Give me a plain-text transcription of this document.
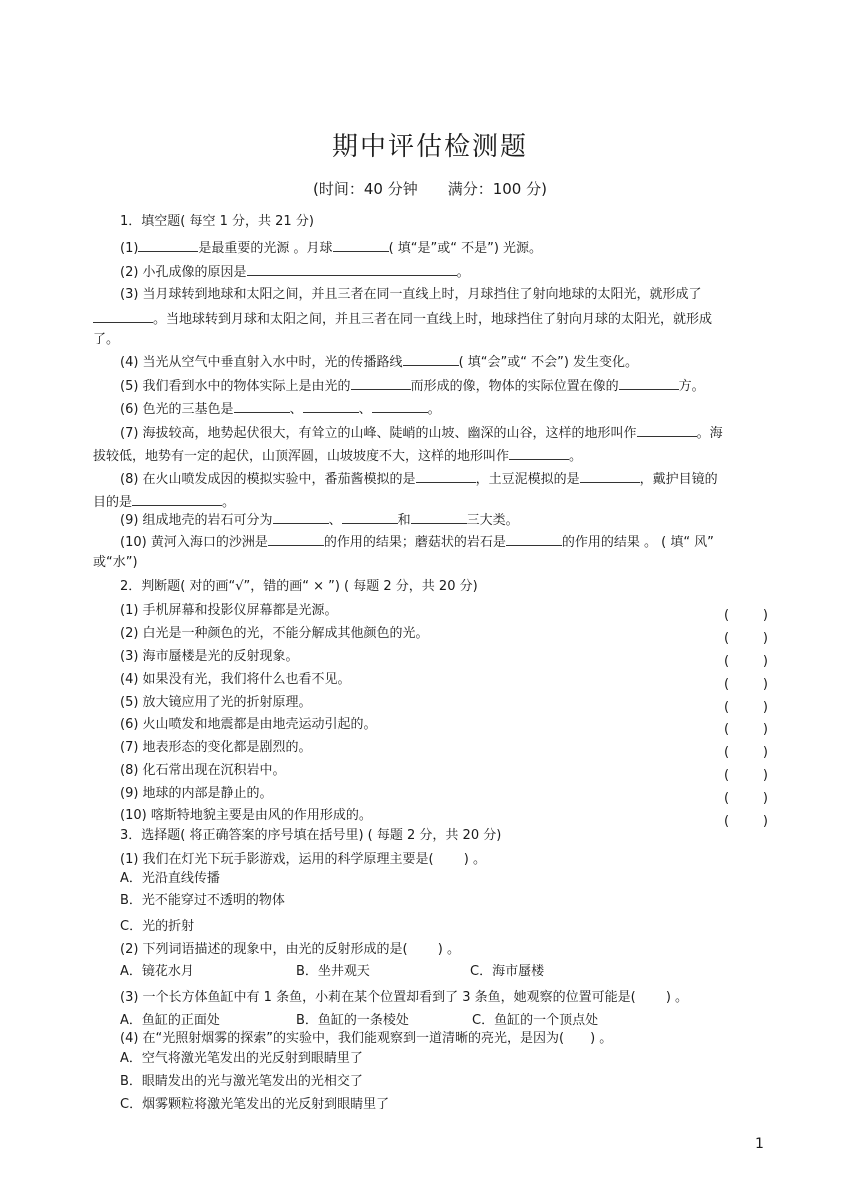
期中评估检测题
(时间：40 分钟　　满分：100 分)
1．填空题( 每空 1 分，共 21 分)
(1)	是最重要的光源 。月球	( 填“是”或“ 不是”) 光源。
(2) 小孔成像的原因是	。
(3) 当月球转到地球和太阳之间，并且三者在同一直线上时，月球挡住了射向地球的太阳光，就形成了
。当地球转到月球和太阳之间，并且三者在同一直线上时，地球挡住了射向月球的太阳光，就形成
了。
(4) 当光从空气中垂直射入水中时，光的传播路线	( 填“会”或“ 不会”) 发生变化。
(5) 我们看到水中的物体实际上是由光的	而形成的像，物体的实际位置在像的	方。
(6) 色光的三基色是	、	、	。
(7) 海拔较高，地势起伏很大，有耸立的山峰、陡峭的山坡、幽深的山谷，这样的地形叫作	。海
拔较低，地势有一定的起伏，山顶浑圆，山坡坡度不大，这样的地形叫作	。
(8) 在火山喷发成因的模拟实验中，番茄酱模拟的是	，土豆泥模拟的是	，戴护目镜的
目的是	。
(9) 组成地壳的岩石可分为	、	和	三大类。
(10) 黄河入海口的沙洲是	的作用的结果；蘑菇状的岩石是	的作用的结果 。 ( 填“ 风”
或“水”)
2．判断题( 对的画“√”，错的画“ × ”) ( 每题 2 分，共 20 分)
(1) 手机屏幕和投影仪屏幕都是光源。	(	)
(2) 白光是一种颜色的光，不能分解成其他颜色的光。	(	)
(3) 海市蜃楼是光的反射现象。	(	)
(4) 如果没有光，我们将什么也看不见。	(	)
(5) 放大镜应用了光的折射原理。	(	)
(6) 火山喷发和地震都是由地壳运动引起的。	(	)
(7) 地表形态的变化都是剧烈的。	(	)
(8) 化石常出现在沉积岩中。	(	)
(9) 地球的内部是静止的。	(	)
(10) 喀斯特地貌主要是由风的作用形成的。	(	)
3．选择题( 将正确答案的序号填在括号里) ( 每题 2 分，共 20 分)
(1) 我们在灯光下玩手影游戏，运用的科学原理主要是(　　 ) 。
A．光沿直线传播
B．光不能穿过不透明的物体
C．光的折射
(2) 下列词语描述的现象中，由光的反射形成的是(　　 ) 。
A．镜花水月	B．坐井观天	C．海市蜃楼
(3) 一个长方体鱼缸中有 1 条鱼，小莉在某个位置却看到了 3 条鱼，她观察的位置可能是(　　 ) 。
A．鱼缸的正面处	B．鱼缸的一条棱处	C．鱼缸的一个顶点处
(4) 在“光照射烟雾的探索”的实验中，我们能观察到一道清晰的亮光，是因为(　　) 。
A．空气将激光笔发出的光反射到眼睛里了
B．眼睛发出的光与激光笔发出的光相交了
C．烟雾颗粒将激光笔发出的光反射到眼睛里了
1
